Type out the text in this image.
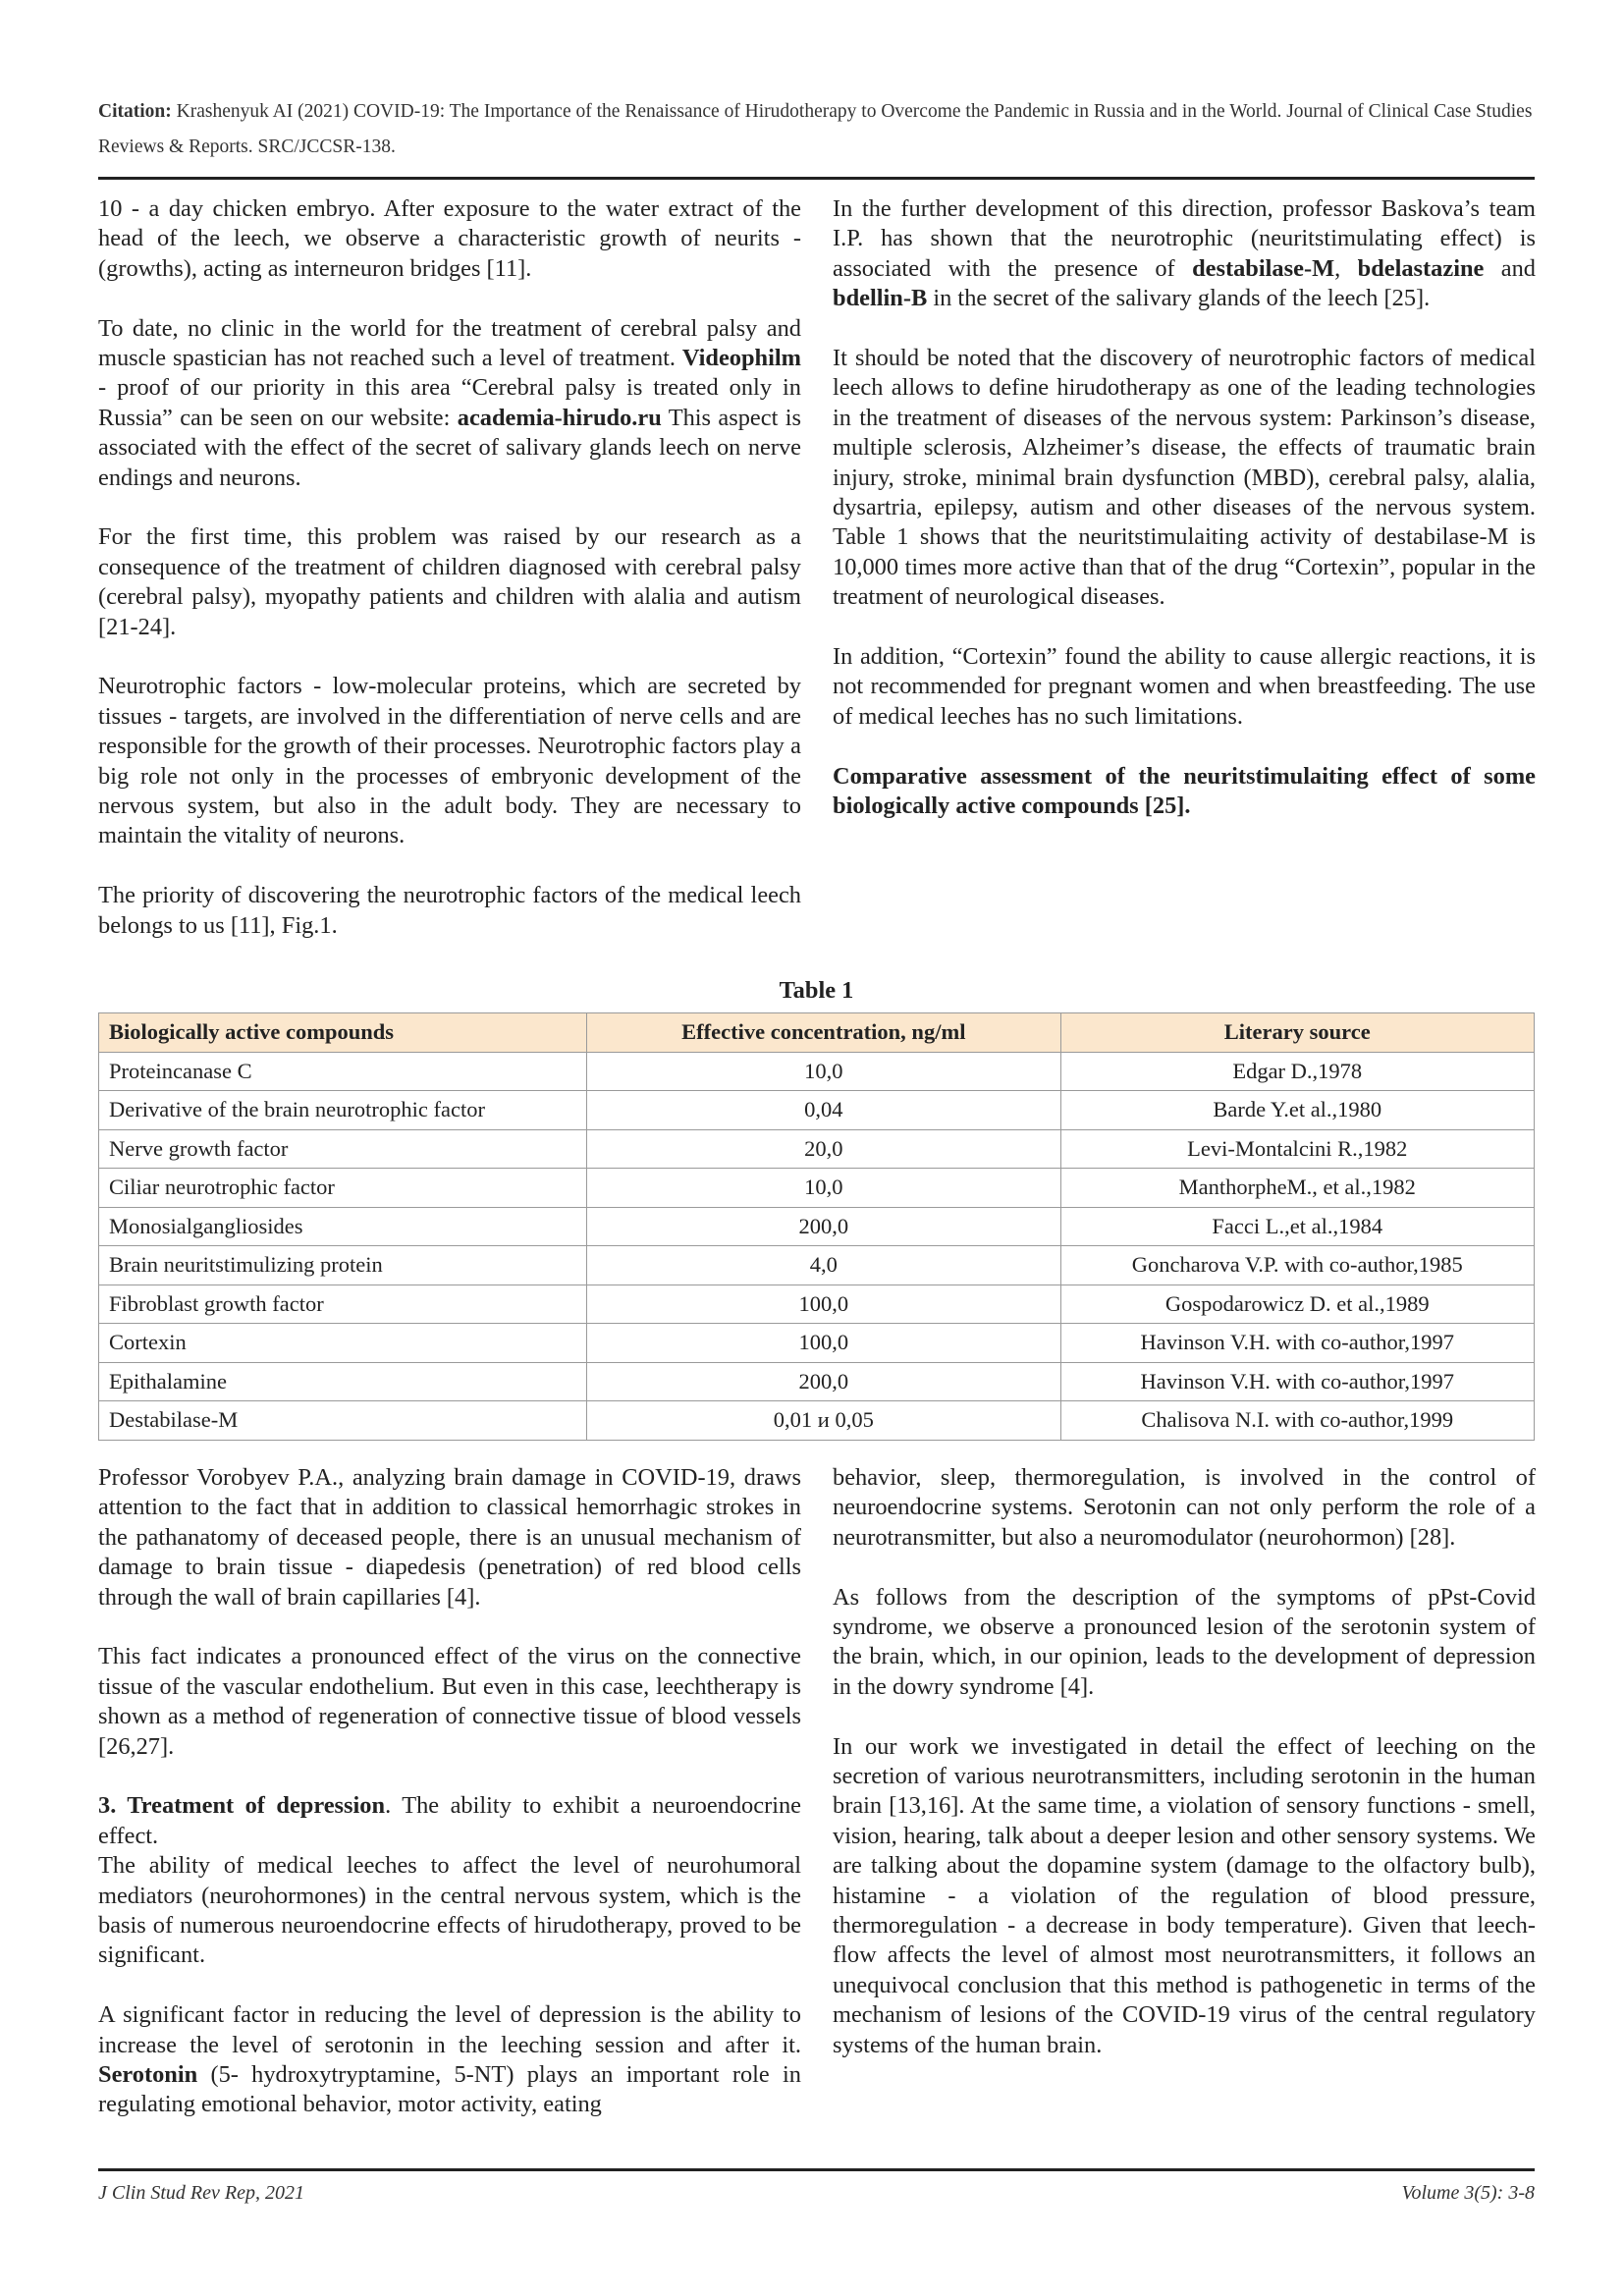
Citation: Krashenyuk AI (2021) COVID-19: The Importance of the Renaissance of Hirudotherapy to Overcome the Pandemic in Russia and in the World. Journal of Clinical Case Studies Reviews & Reports. SRC/JCCSR-138.

10 - a day chicken embryo. After exposure to the water extract of the head of the leech, we observe a characteristic growth of neurits - (growths), acting as interneuron bridges [11].

To date, no clinic in the world for the treatment of cerebral palsy and muscle spastician has not reached such a level of treatment. Videophilm - proof of our priority in this area “Cerebral palsy is treated only in Russia” can be seen on our website: academia-hirudo.ru This aspect is associated with the effect of the secret of salivary glands leech on nerve endings and neurons.

For the first time, this problem was raised by our research as a consequence of the treatment of children diagnosed with cerebral palsy (cerebral palsy), myopathy patients and children with alalia and autism [21-24].

Neurotrophic factors - low-molecular proteins, which are secreted by tissues - targets, are involved in the differentiation of nerve cells and are responsible for the growth of their processes. Neurotrophic factors play a big role not only in the processes of embryonic development of the nervous system, but also in the adult body. They are necessary to maintain the vitality of neurons.

The priority of discovering the neurotrophic factors of the medical leech belongs to us [11], Fig.1.

In the further development of this direction, professor Baskova’s team I.P. has shown that the neurotrophic (neuritstimulating effect) is associated with the presence of destabilase-M, bdelastazine and bdellin-B in the secret of the salivary glands of the leech [25].

It should be noted that the discovery of neurotrophic factors of medical leech allows to define hirudotherapy as one of the leading technologies in the treatment of diseases of the nervous system: Parkinson’s disease, multiple sclerosis, Alzheimer’s disease, the effects of traumatic brain injury, stroke, minimal brain dysfunction (MBD), cerebral palsy, alalia, dysartria, epilepsy, autism and other diseases of the nervous system. Table 1 shows that the neuritstimulaiting activity of destabilase-M is 10,000 times more active than that of the drug “Cortexin”, popular in the treatment of neurological diseases.

In addition, “Cortexin” found the ability to cause allergic reactions, it is not recommended for pregnant women and when breastfeeding. The use of medical leeches has no such limitations.

Comparative assessment of the neuritstimulaiting effect of some biologically active compounds [25].

Table 1
Biologically active compounds	Effective concentration, ng/ml	Literary source
Proteincanase C	10,0	Edgar D.,1978
Derivative of the brain neurotrophic factor	0,04	Barde Y.et al.,1980
Nerve growth factor	20,0	Levi-Montalcini R.,1982
Ciliar neurotrophic factor	10,0	ManthorpheM., et al.,1982
Monosialgangliosides	200,0	Facci L.,et al.,1984
Brain neuritstimulizing protein	4,0	Goncharova V.P. with co-author,1985
Fibroblast growth factor	100,0	Gospodarowicz D. et al.,1989
Cortexin	100,0	Havinson V.H. with co-author,1997
Epithalamine	200,0	Havinson V.H. with co-author,1997
Destabilase-M	0,01 и 0,05	Chalisova N.I. with co-author,1999

Professor Vorobyev P.A., analyzing brain damage in COVID-19, draws attention to the fact that in addition to classical hemorrhagic strokes in the pathanatomy of deceased people, there is an unusual mechanism of damage to brain tissue - diapedesis (penetration) of red blood cells through the wall of brain capillaries [4].

This fact indicates a pronounced effect of the virus on the connective tissue of the vascular endothelium. But even in this case, leechtherapy is shown as a method of regeneration of connective tissue of blood vessels [26,27].

3. Treatment of depression. The ability to exhibit a neuroendocrine effect.

The ability of medical leeches to affect the level of neurohumoral mediators (neurohormones) in the central nervous system, which is the basis of numerous neuroendocrine effects of hirudotherapy, proved to be significant.

A significant factor in reducing the level of depression is the ability to increase the level of serotonin in the leeching session and after it. Serotonin (5- hydroxytryptamine, 5-NT) plays an important role in regulating emotional behavior, motor activity, eating

behavior, sleep, thermoregulation, is involved in the control of neuroendocrine systems. Serotonin can not only perform the role of a neurotransmitter, but also a neuromodulator (neurohormon) [28].

As follows from the description of the symptoms of pPst-Covid syndrome, we observe a pronounced lesion of the serotonin system of the brain, which, in our opinion, leads to the development of depression in the dowry syndrome [4].

In our work we investigated in detail the effect of leeching on the secretion of various neurotransmitters, including serotonin in the human brain [13,16]. At the same time, a violation of sensory functions - smell, vision, hearing, talk about a deeper lesion and other sensory systems. We are talking about the dopamine system (damage to the olfactory bulb), histamine - a violation of the regulation of blood pressure, thermoregulation - a decrease in body temperature). Given that leech-flow affects the level of almost most neurotransmitters, it follows an unequivocal conclusion that this method is pathogenetic in terms of the mechanism of lesions of the COVID-19 virus of the central regulatory systems of the human brain.

J Clin Stud Rev Rep, 2021	Volume 3(5): 3-8
